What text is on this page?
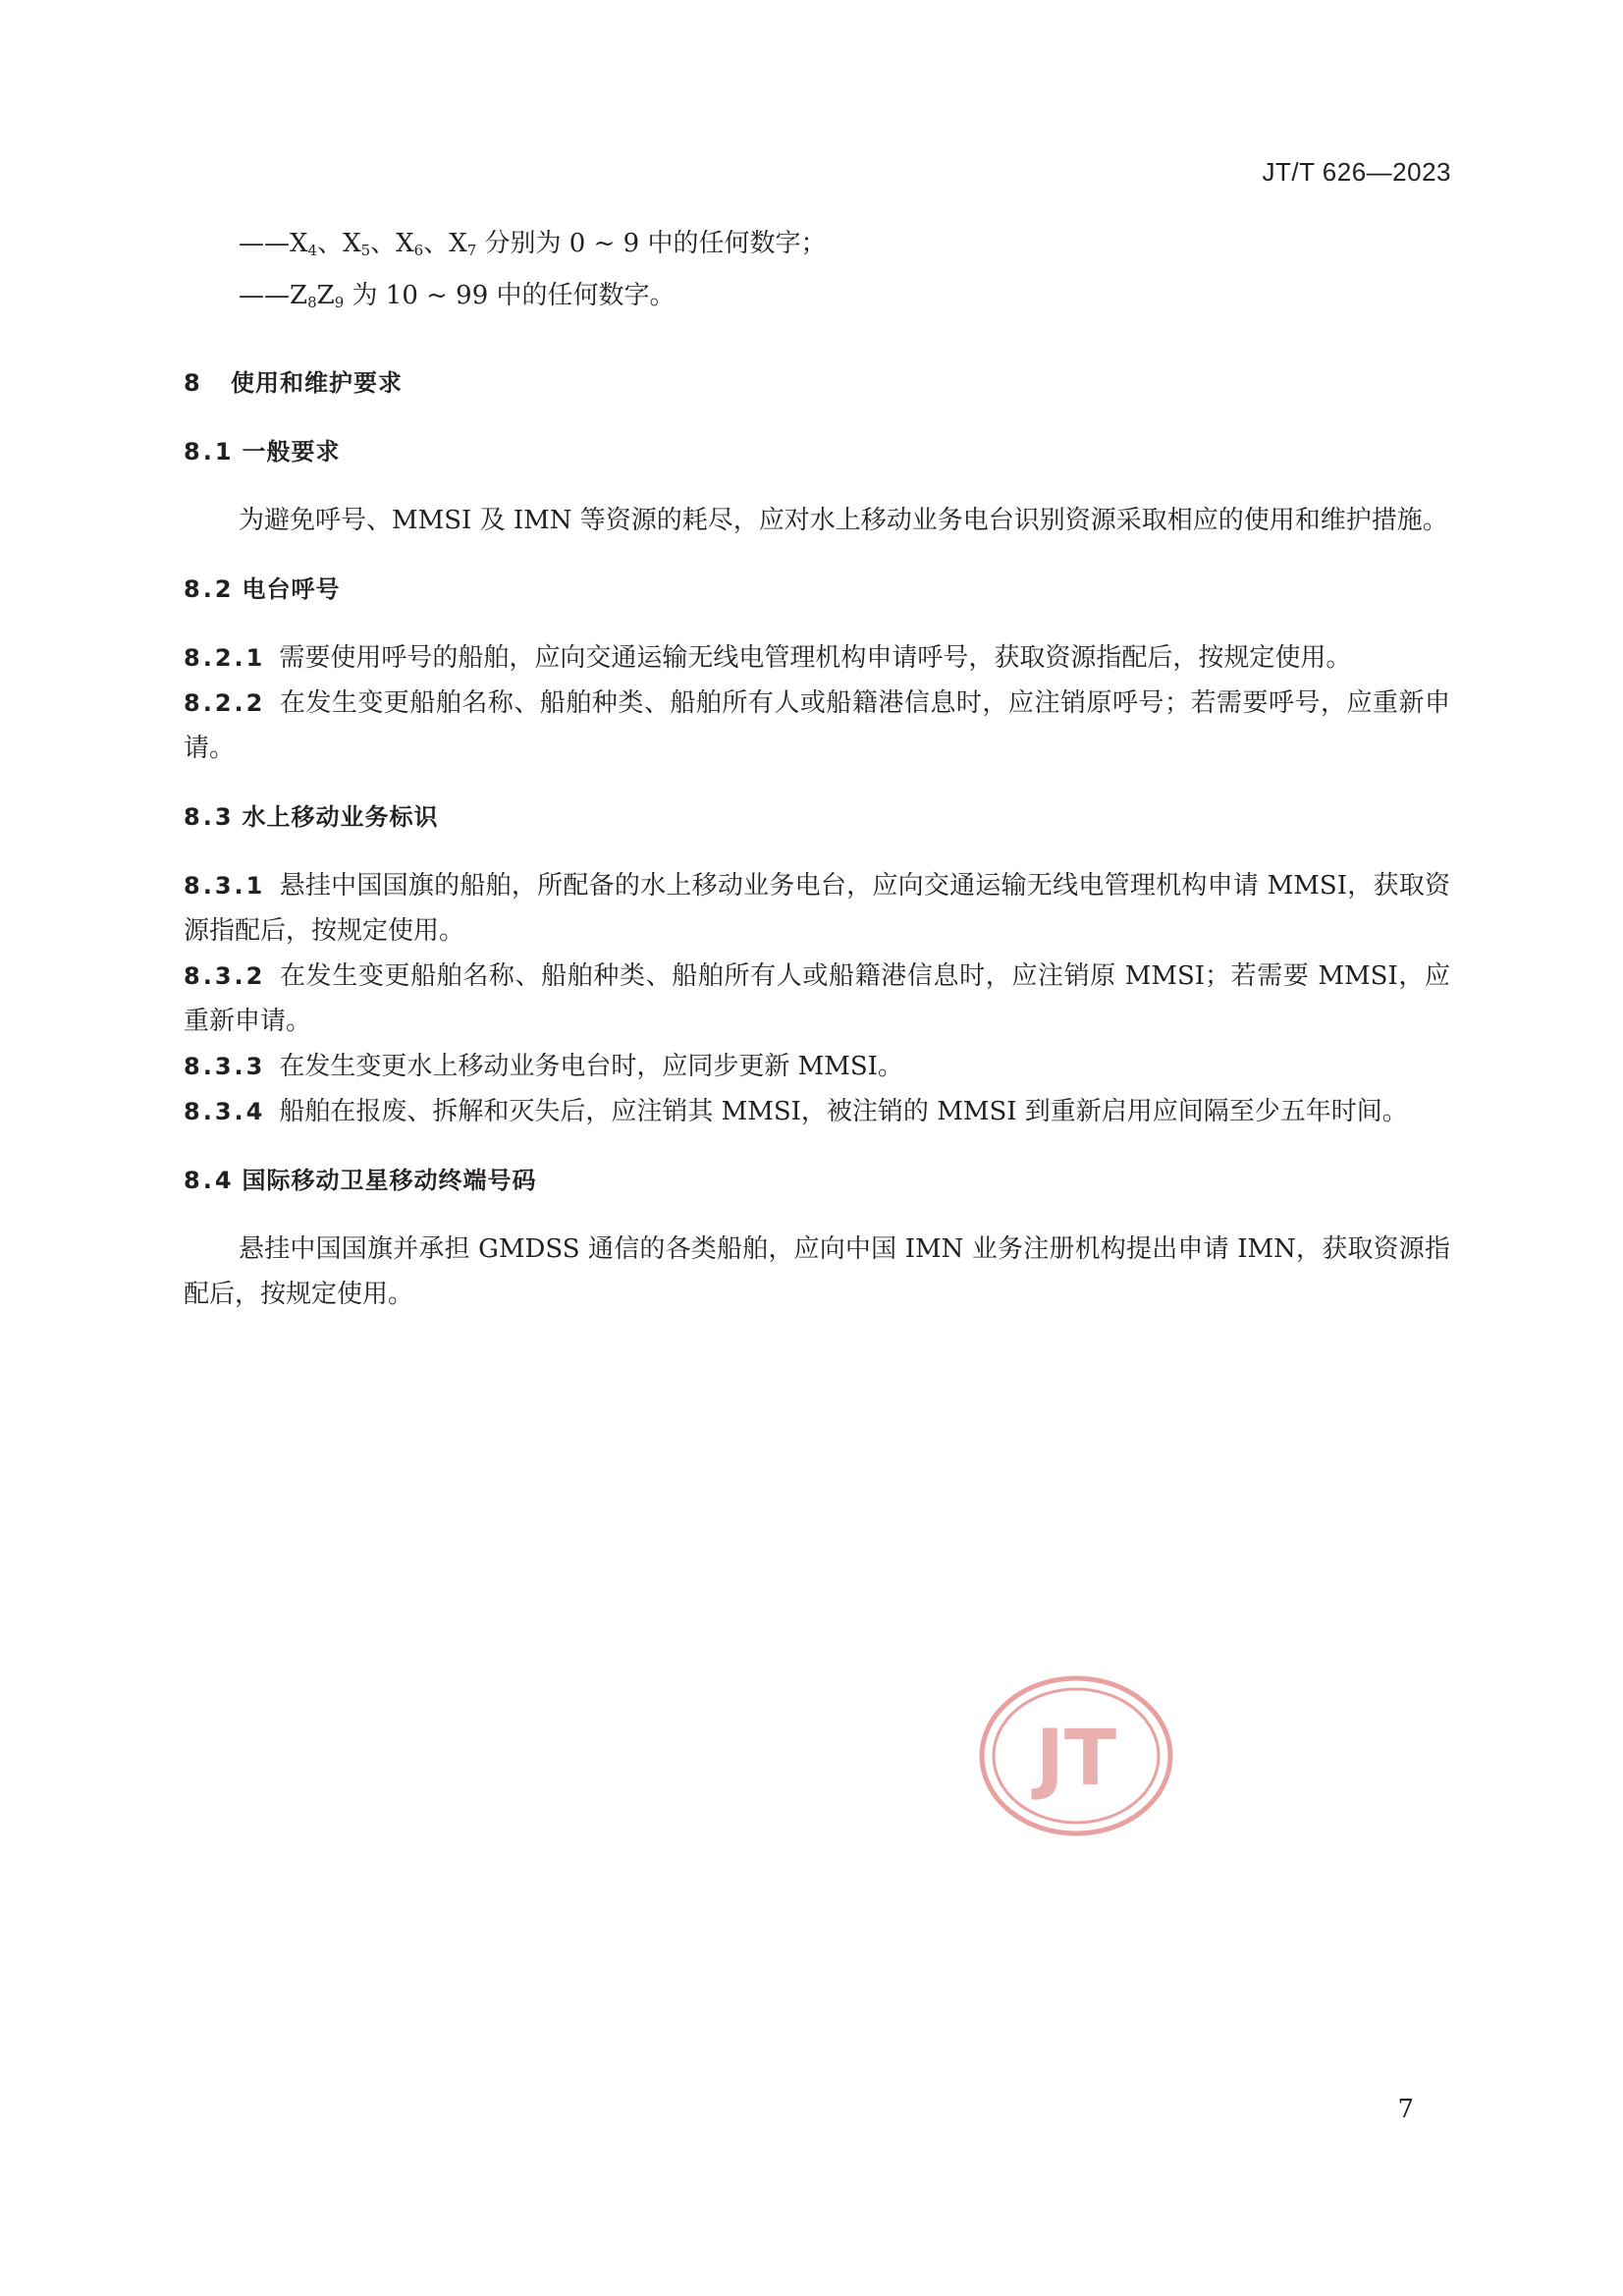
JT/T 626—2023
$——X_4$、$X_5$、$X_6$、$X_7$ 分别为 0 ~ 9 中的任何数字；
$——Z_8Z_9$ 为 10 ~ 99 中的任何数字。
8 使用和维护要求
8.1 一般要求
为避免呼号、MMSI 及 IMN 等资源的耗尽，应对水上移动业务电台识别资源采取相应的使用和维护措施。
8.2 电台呼号
8.2.1 需要使用呼号的船舶，应向交通运输无线电管理机构申请呼号，获取资源指配后，按规定使用。
8.2.2 在发生变更船舶名称、船舶种类、船舶所有人或船籍港信息时，应注销原呼号；若需要呼号，应重新申请。
8.3 水上移动业务标识
8.3.1 悬挂中国国旗的船舶，所配备的水上移动业务电台，应向交通运输无线电管理机构申请 MMSI，获取资源指配后，按规定使用。
8.3.2 在发生变更船舶名称、船舶种类、船舶所有人或船籍港信息时，应注销原 MMSI；若需要 MMSI，应重新申请。
8.3.3 在发生变更水上移动业务电台时，应同步更新 MMSI。
8.3.4 船舶在报废、拆解和灭失后，应注销其 MMSI，被注销的 MMSI 到重新启用应间隔至少五年时间。
8.4 国际移动卫星移动终端号码
悬挂中国国旗并承担 GMDSS 通信的各类船舶，应向中国 IMN 业务注册机构提出申请 IMN，获取资源指配后，按规定使用。
JT
7
